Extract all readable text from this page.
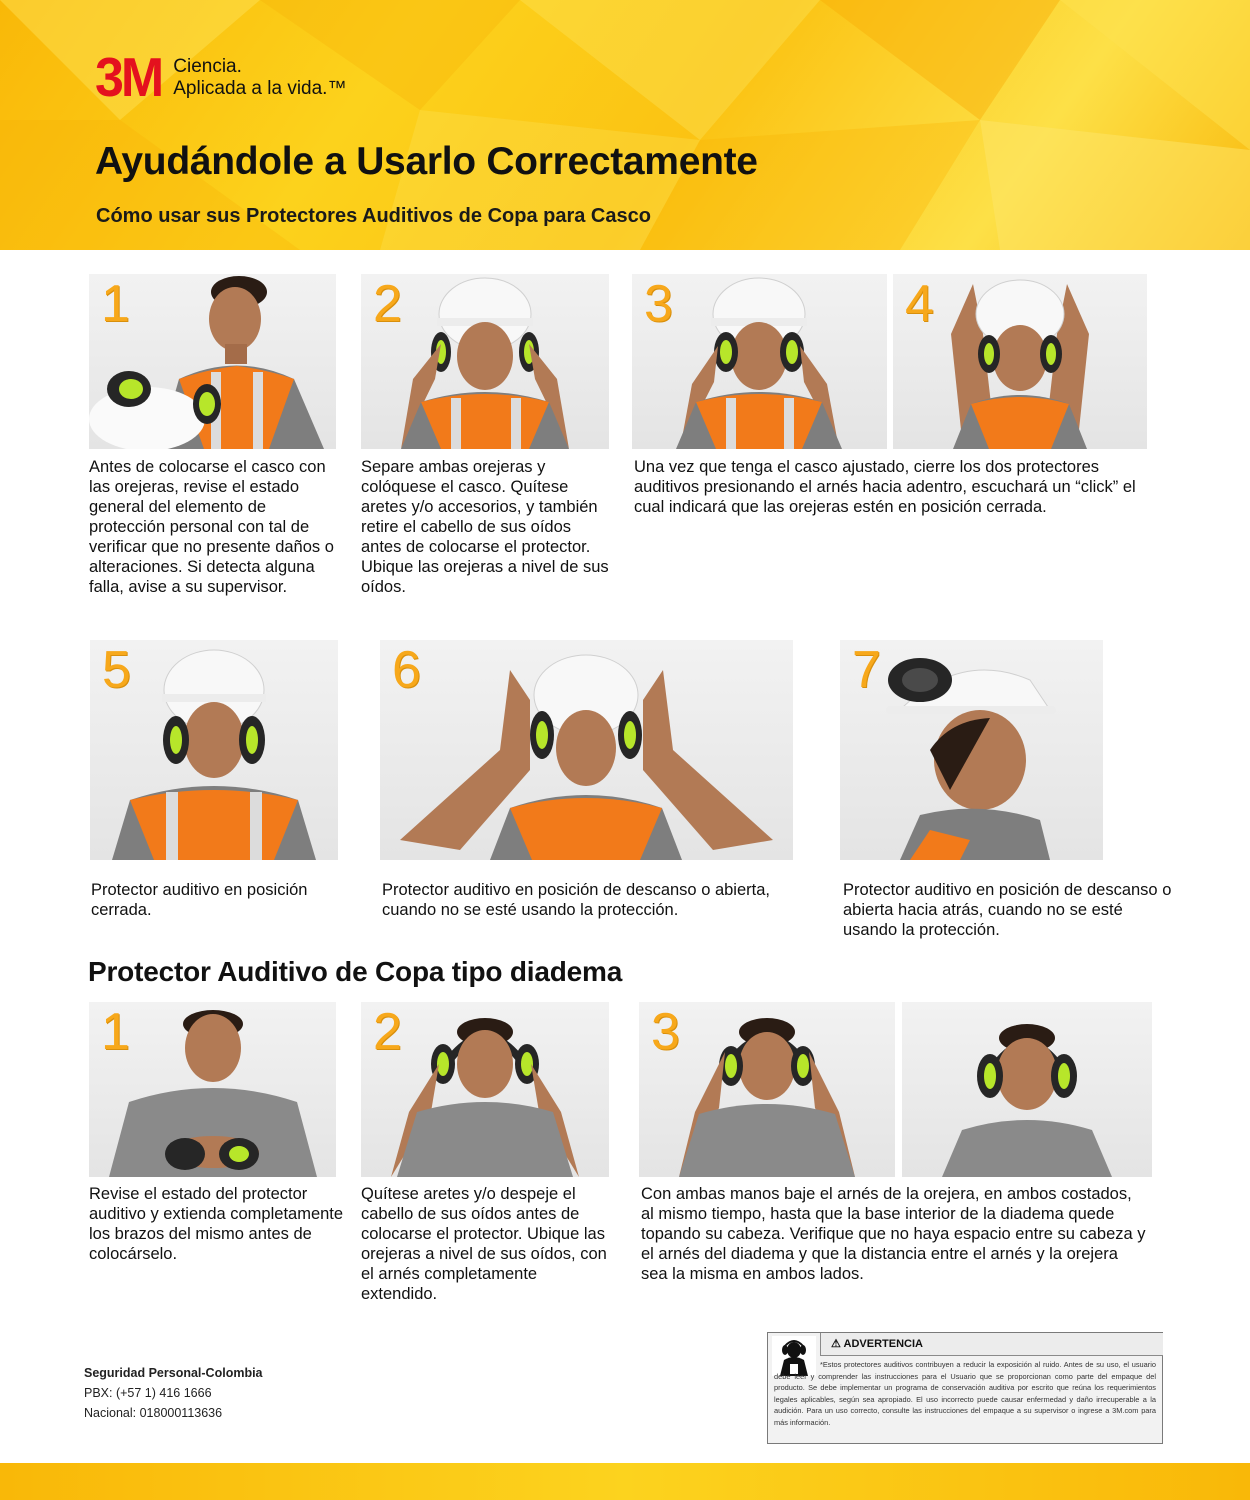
3M Ciencia.
Aplicada a la vida.™
Ayudándole a Usarlo Correctamente
Cómo usar sus Protectores Auditivos de Copa para Casco
1	2	3	4
Antes de colocarse el casco con las orejeras, revise el estado general del elemento de protección personal con tal de verificar que no presente daños o alteraciones. Si detecta alguna falla, avise a su supervisor.
Separe ambas orejeras y colóquese el casco. Quítese aretes y/o accesorios, y también retire el cabello de sus oídos antes de colocarse el protector. Ubique las orejeras a nivel de sus oídos.
Una vez que tenga el casco ajustado, cierre los dos protectores auditivos presionando el arnés hacia adentro, escuchará un “click” el cual indicará que las orejeras estén en posición cerrada.
5	6	7
Protector auditivo en posición cerrada.
Protector auditivo en posición de descanso o abierta, cuando no se esté usando la protección.
Protector auditivo en posición de descanso o abierta hacia atrás, cuando no se esté usando la protección.
Protector Auditivo de Copa tipo diadema
1	2	3
Revise el estado del protector auditivo y extienda completamente los brazos del mismo antes de colocárselo.
Quítese aretes y/o despeje el cabello de sus oídos antes de colocarse el protector. Ubique las orejeras a nivel de sus oídos, con el arnés completamente extendido.
Con ambas manos baje el arnés de la orejera, en ambos costados, al mismo tiempo, hasta que la base interior de la diadema quede topando su cabeza. Verifique que no haya espacio entre su cabeza y el arnés del diadema y que la distancia entre el arnés y la orejera sea la misma en ambos lados.
Seguridad Personal-Colombia
PBX: (+57 1) 416 1666
Nacional: 018000113636
⚠ ADVERTENCIA
*Estos protectores auditivos contribuyen a reducir la exposición al ruido. Antes de su uso, el usuario debe leer y comprender las instrucciones para el Usuario que se proporcionan como parte del empaque del producto. Se debe implementar un programa de conservación auditiva por escrito que reúna los requerimientos legales aplicables, según sea apropiado. El uso incorrecto puede causar enfermedad y daño irrecuperable a la audición. Para un uso correcto, consulte las instrucciones del empaque a su supervisor o ingrese a 3M.com para más información.
